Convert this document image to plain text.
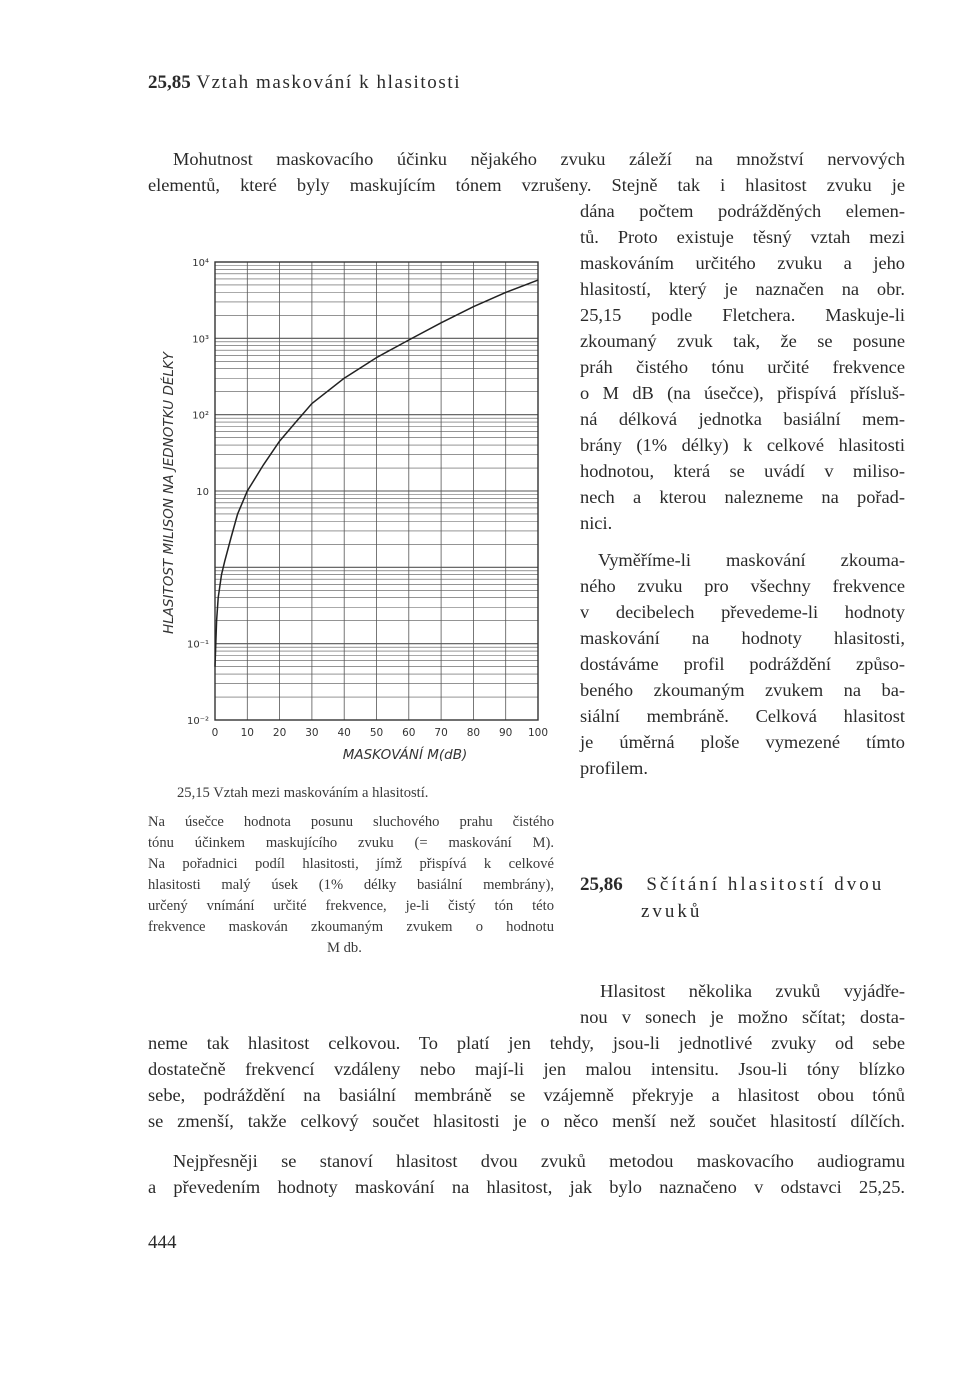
25,85 Vztah maskování k hlasitosti
Mohutnost maskovacího účinku nějakého zvuku záleží na množství nervových
elementů, které byly maskujícím tónem vzrušeny. Stejně tak i hlasitost zvuku je
dána počtem podrážděných elemen-
tů. Proto existuje těsný vztah mezi
maskováním určitého zvuku a jeho
hlasitostí, který je naznačen na obr.
25,15 podle Fletchera. Maskuje-li
zkoumaný zvuk tak, že se posune
práh čistého tónu určité frekvence
o M dB (na úsečce), přispívá přísluš-
ná délková jednotka basiální mem-
brány (1% délky) k celkové hlasitosti
hodnotou, která se uvádí v miliso-
nech a kterou nalezneme na pořad-
nici.
Vyměříme-li maskování zkouma-
ného zvuku pro všechny frekvence
v decibelech převedeme-li hodnoty
maskování na hodnoty hlasitosti,
dostáváme profil podráždění způso-
beného zkoumaným zvukem na ba-
siální membráně. Celková hlasitost
je úměrná ploše vymezené tímto
profilem.
0 10 20 30 40 50 60 70 80 90 100
10⁻²
10⁻¹
10
10²
10³
10⁴
MASKOVÁNÍ M(dB)
HLASITOST MILISON NA JEDNOTKU DÉLKY
25,15 Vztah mezi maskováním a hlasitostí.
Na úsečce hodnota posunu sluchového prahu čistého
tónu účinkem maskujícího zvuku (= maskování M).
Na pořadnici podíl hlasitosti, jímž přispívá k celkové
hlasitosti malý úsek (1% délky basiální membrány),
určený vnímání určité frekvence, je-li čistý tón této
frekvence maskován zkoumaným zvukem o hodnotu
M db.
25,86 Sčítání hlasitostí dvou
zvuků
Hlasitost několika zvuků vyjádře-
nou v sonech je možno sčítat; dosta-
neme tak hlasitost celkovou. To platí jen tehdy, jsou-li jednotlivé zvuky od sebe
dostatečně frekvencí vzdáleny nebo mají-li jen malou intensitu. Jsou-li tóny blízko
sebe, podráždění na basiální membráně se vzájemně překryje a hlasitost obou tónů
se zmenší, takže celkový součet hlasitosti je o něco menší než součet hlasitostí dílčích.
Nejpřesněji se stanoví hlasitost dvou zvuků metodou maskovacího audiogramu
a převedením hodnoty maskování na hlasitost, jak bylo naznačeno v odstavci 25,25.
444
